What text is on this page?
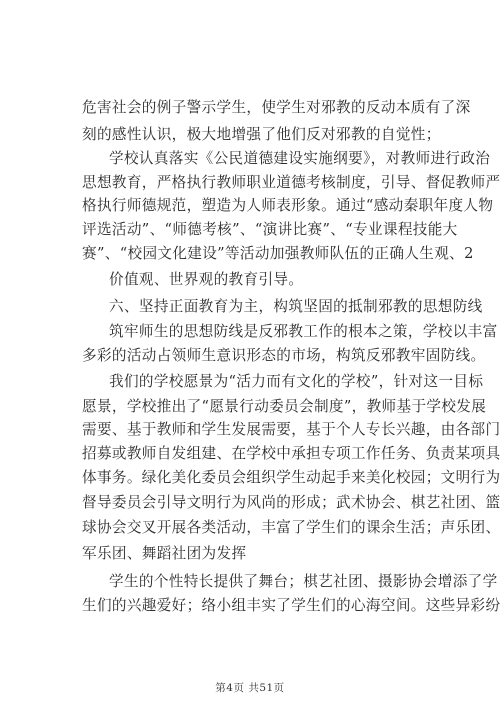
危害社会的例子警示学生，使学生对邪教的反动本质有了深
刻的感性认识，极大地增强了他们反对邪教的自觉性；
学校认真落实《公民道德建设实施纲要》，对教师进行政治
思想教育，严格执行教师职业道德考核制度，引导、督促教师严
格执行师德规范，塑造为人师表形象。通过“感动秦职年度人物
评选活动”、“师德考核”、“演讲比赛”、“专业课程技能大
赛”、“校园文化建设”等活动加强教师队伍的正确人生观、2
价值观、世界观的教育引导。
六、坚持正面教育为主，构筑坚固的抵制邪教的思想防线
筑牢师生的思想防线是反邪教工作的根本之策，学校以丰富
多彩的活动占领师生意识形态的市场，构筑反邪教牢固防线。
我们的学校愿景为“活力而有文化的学校”，针对这一目标
愿景，学校推出了“愿景行动委员会制度”，教师基于学校发展
需要、基于教师和学生发展需要，基于个人专长兴趣，由各部门
招募或教师自发组建、在学校中承担专项工作任务、负责某项具
体事务。绿化美化委员会组织学生动起手来美化校园；文明行为
督导委员会引导文明行为风尚的形成；武术协会、棋艺社团、篮
球协会交叉开展各类活动，丰富了学生们的课余生活；声乐团、
军乐团、舞蹈社团为发挥
学生的个性特长提供了舞台；棋艺社团、摄影协会增添了学
生们的兴趣爱好；络小组丰实了学生们的心海空间。这些异彩纷
第4页 共51页
